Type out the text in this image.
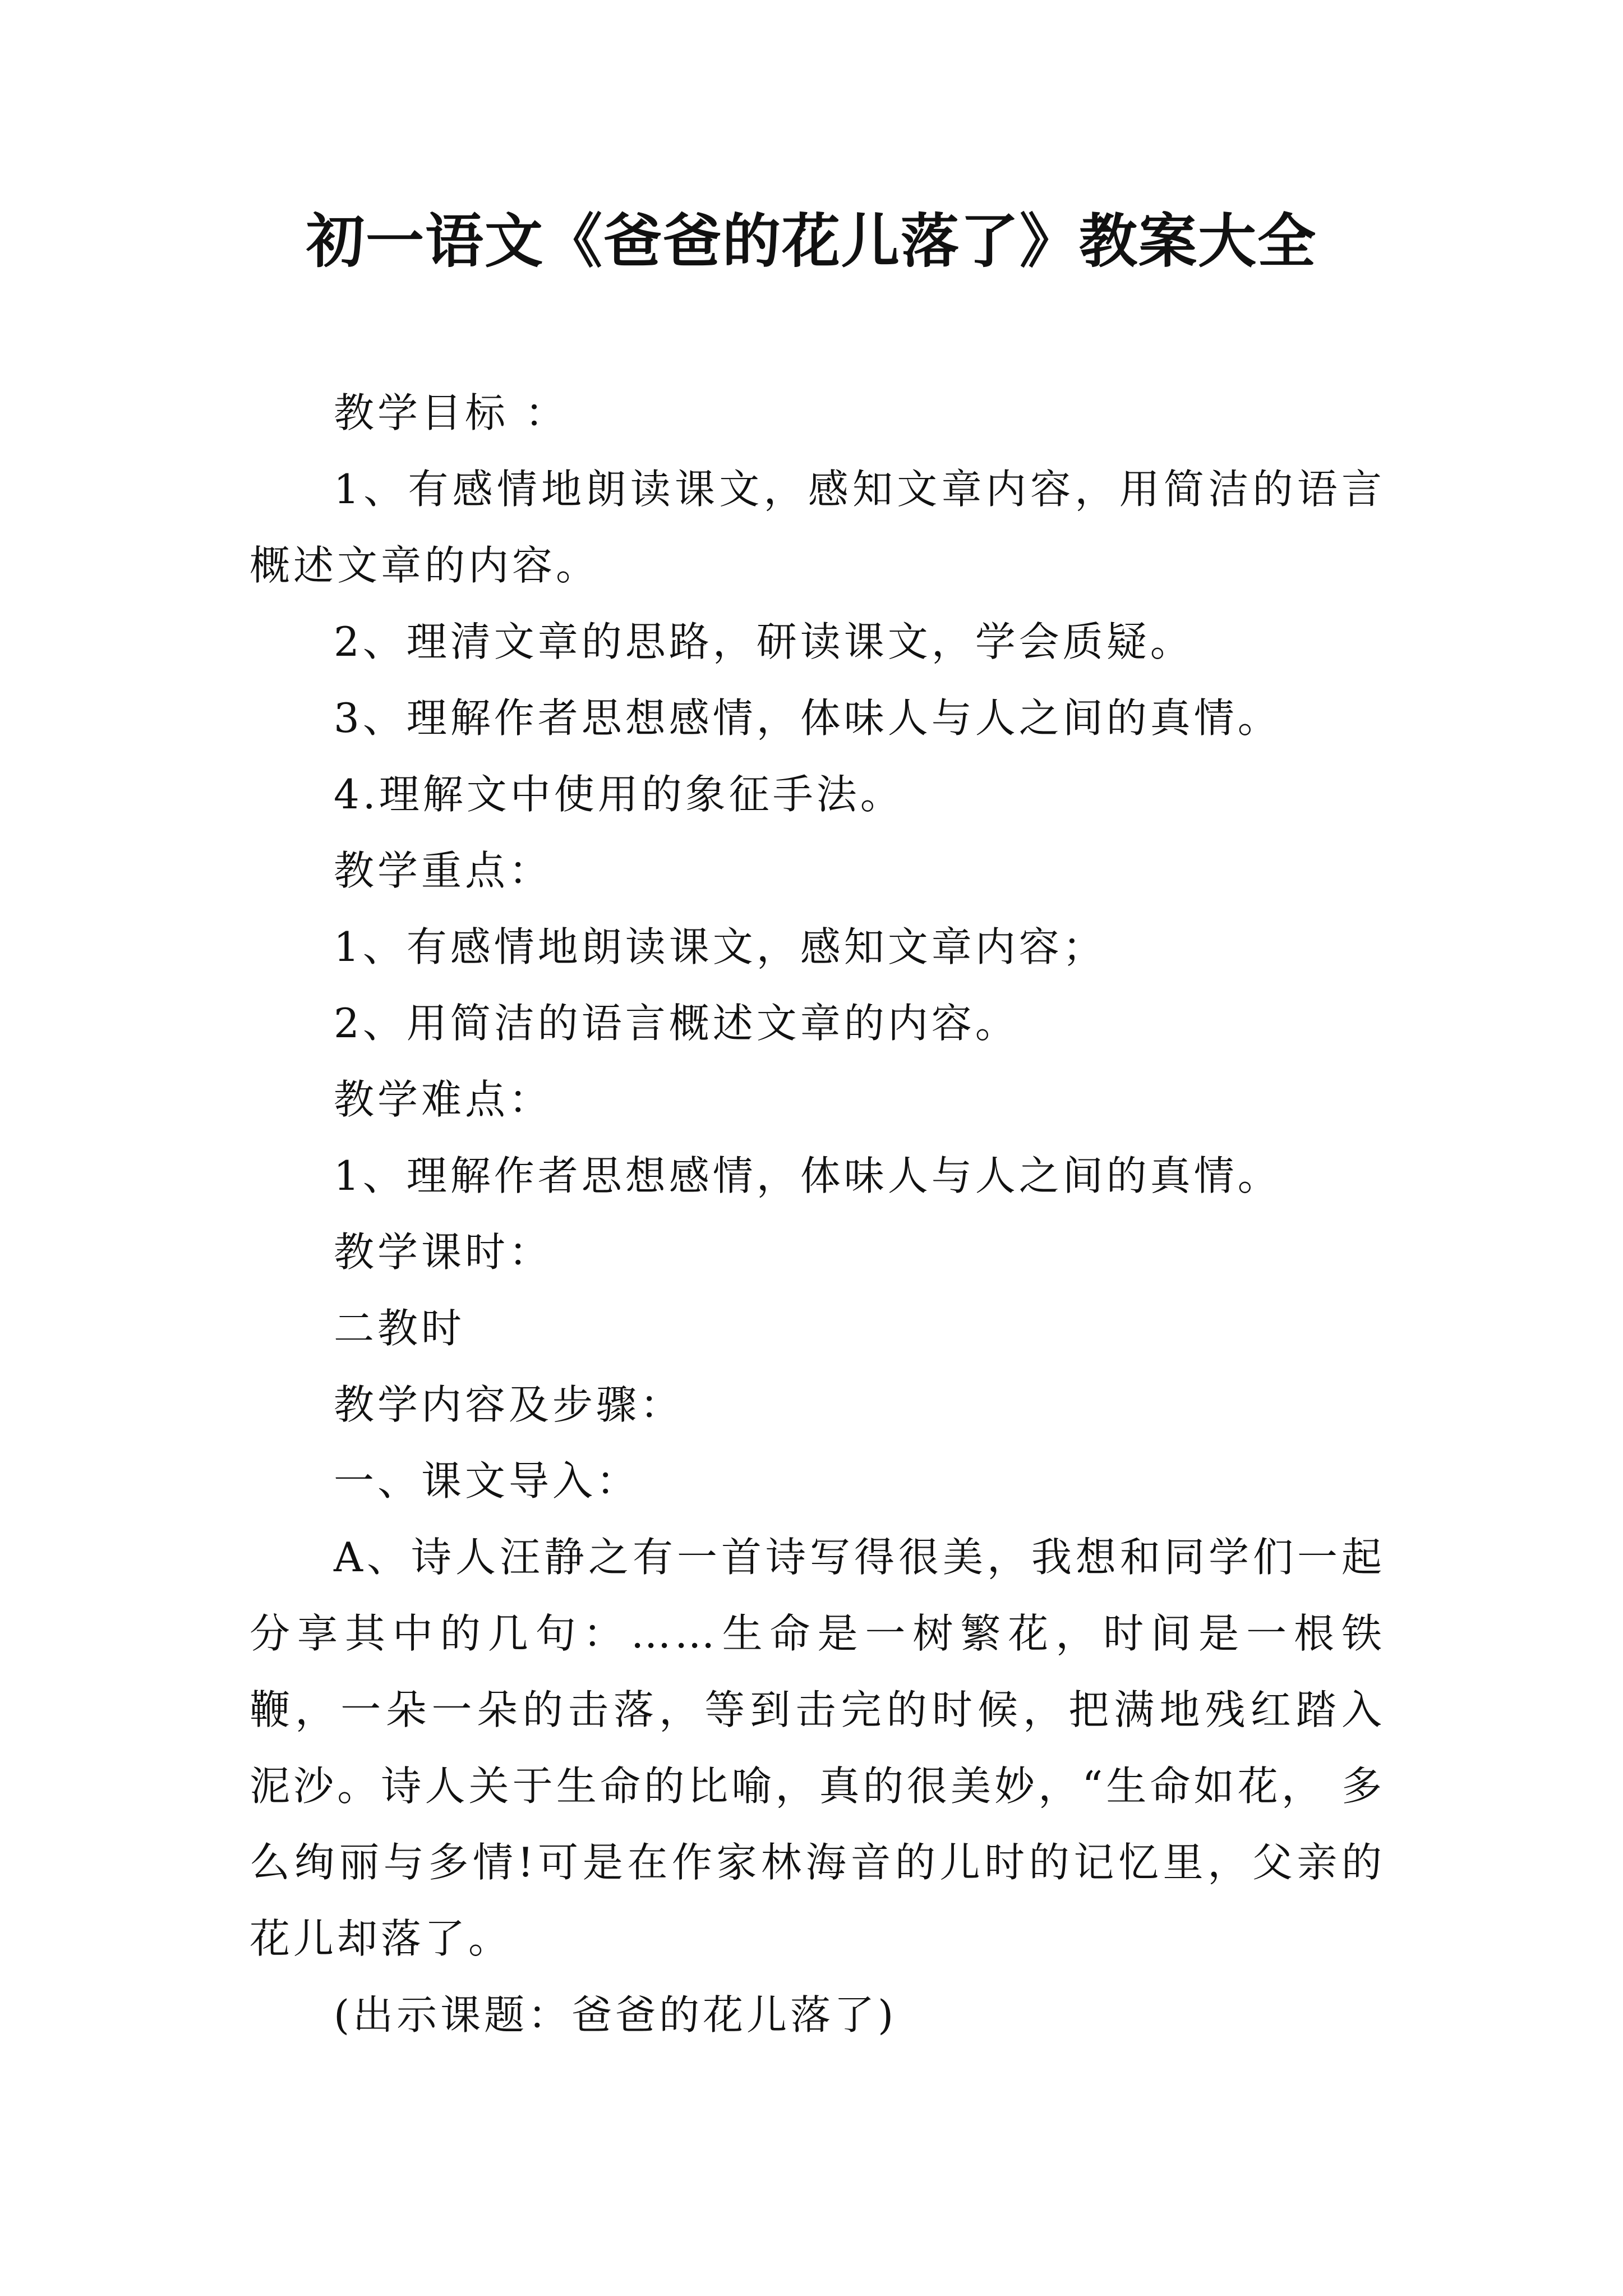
初一语文《爸爸的花儿落了》教案大全

教学目标 ：

1、有感情地朗读课文，感知文章内容，用简洁的语言概述文章的内容。

2、理清文章的思路，研读课文，学会质疑。

3、理解作者思想感情，体味人与人之间的真情。

4.理解文中使用的象征手法。

教学重点：

1、有感情地朗读课文，感知文章内容；

2、用简洁的语言概述文章的内容。

教学难点：

1、理解作者思想感情，体味人与人之间的真情。

教学课时：

二教时

教学内容及步骤：

一、课文导入：

A、诗人汪静之有一首诗写得很美，我想和同学们一起分享其中的几句：……生命是一树繁花，时间是一根铁鞭，一朵一朵的击落，等到击完的时候，把满地残红踏入泥沙。诗人关于生命的比喻，真的很美妙，“生命如花， 多么绚丽与多情!可是在作家林海音的儿时的记忆里，父亲的花儿却落了。

(出示课题：爸爸的花儿落了)
